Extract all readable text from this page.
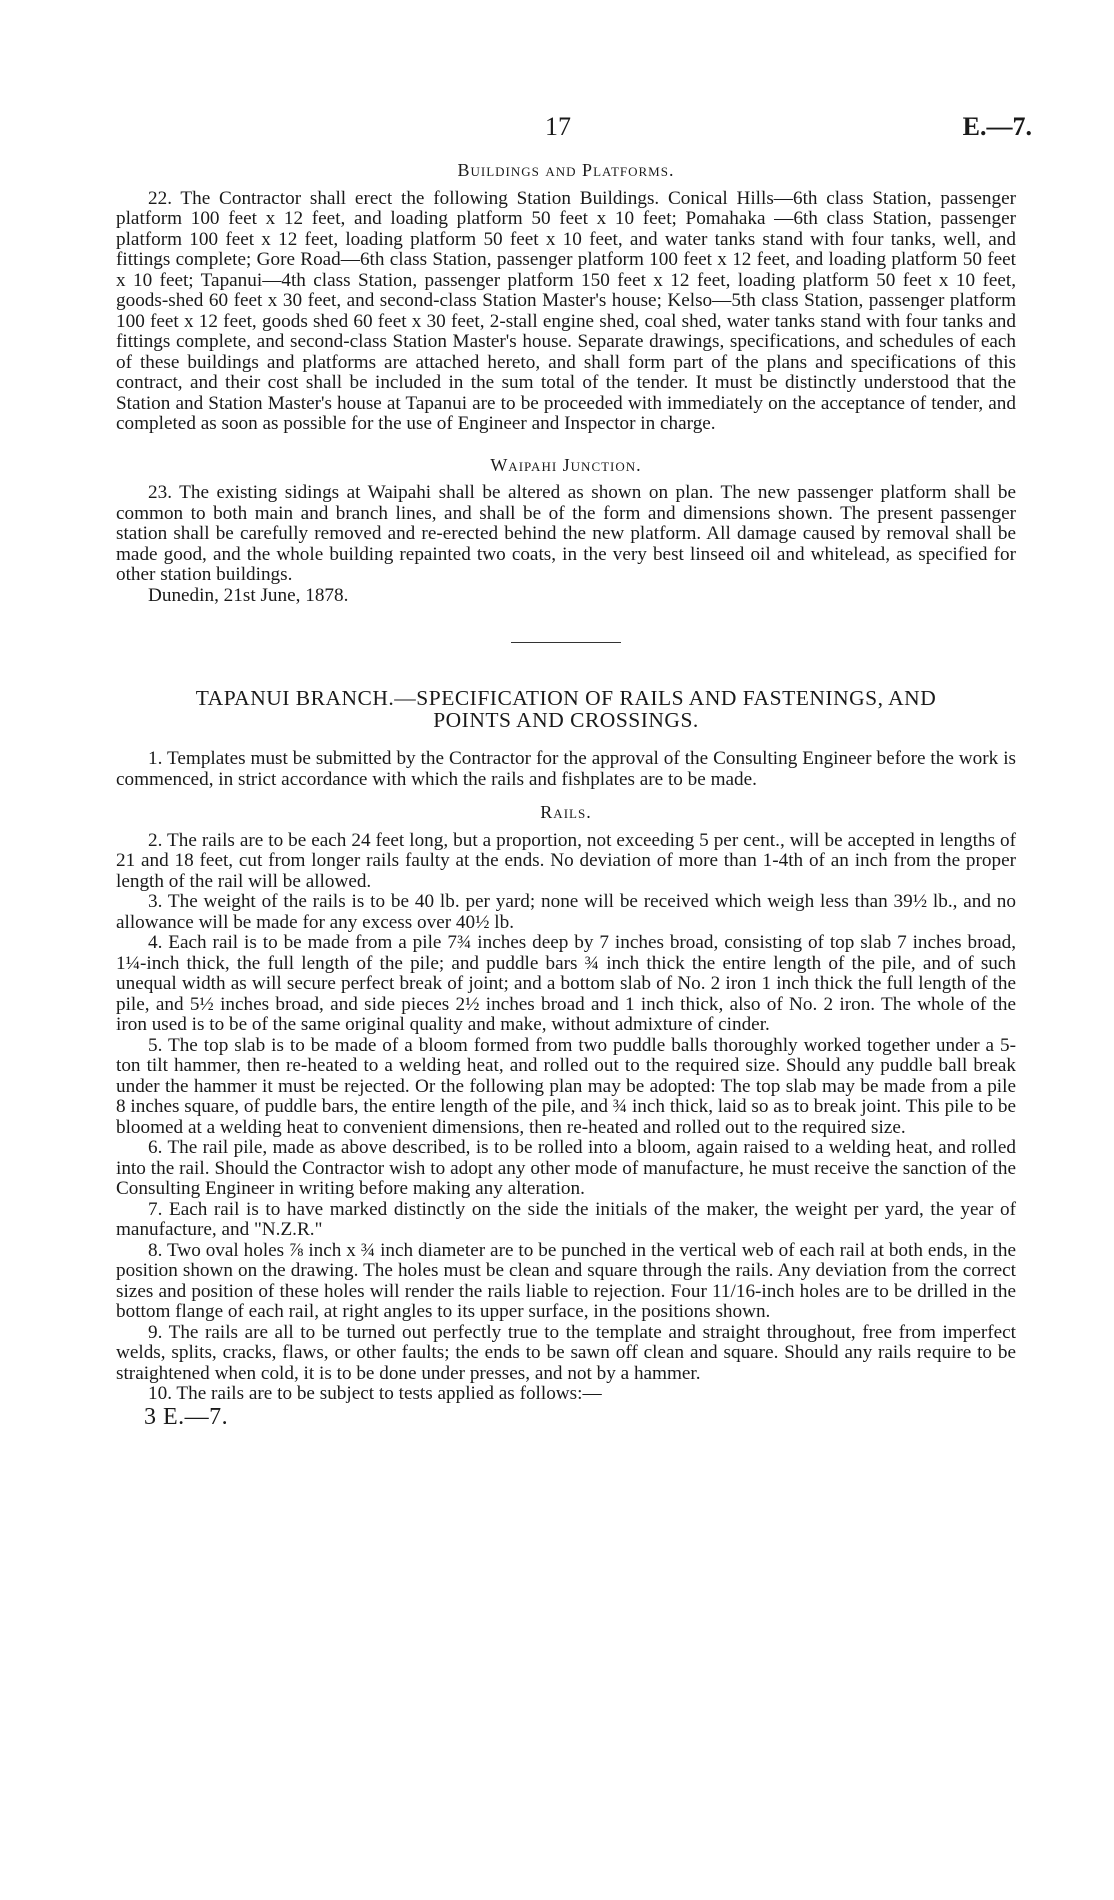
17	E.—7.
Buildings and Platforms.

22. The Contractor shall erect the following Station Buildings. Conical Hills—6th class Station, passenger platform 100 feet x 12 feet, and loading platform 50 feet x 10 feet; Pomahaka —6th class Station, passenger platform 100 feet x 12 feet, loading platform 50 feet x 10 feet, and water tanks stand with four tanks, well, and fittings complete; Gore Road—6th class Station, passenger platform 100 feet x 12 feet, and loading platform 50 feet x 10 feet; Tapanui—4th class Station, passenger platform 150 feet x 12 feet, loading platform 50 feet x 10 feet, goods-shed 60 feet x 30 feet, and second-class Station Master's house; Kelso—5th class Station, passenger platform 100 feet x 12 feet, goods shed 60 feet x 30 feet, 2-stall engine shed, coal shed, water tanks stand with four tanks and fittings complete, and second-class Station Master's house. Separate drawings, specifications, and schedules of each of these buildings and platforms are attached hereto, and shall form part of the plans and specifications of this contract, and their cost shall be included in the sum total of the tender. It must be distinctly understood that the Station and Station Master's house at Tapanui are to be proceeded with immediately on the acceptance of tender, and completed as soon as possible for the use of Engineer and Inspector in charge.

Waipahi Junction.

23. The existing sidings at Waipahi shall be altered as shown on plan. The new passenger platform shall be common to both main and branch lines, and shall be of the form and dimensions shown. The present passenger station shall be carefully removed and re-erected behind the new platform. All damage caused by removal shall be made good, and the whole building repainted two coats, in the very best linseed oil and whitelead, as specified for other station buildings.

Dunedin, 21st June, 1878.

TAPANUI BRANCH.—SPECIFICATION OF RAILS AND FASTENINGS, AND POINTS AND CROSSINGS.

1. Templates must be submitted by the Contractor for the approval of the Consulting Engineer before the work is commenced, in strict accordance with which the rails and fishplates are to be made.

Rails.

2. The rails are to be each 24 feet long, but a proportion, not exceeding 5 per cent., will be accepted in lengths of 21 and 18 feet, cut from longer rails faulty at the ends. No deviation of more than 1-4th of an inch from the proper length of the rail will be allowed.

3. The weight of the rails is to be 40 lb. per yard; none will be received which weigh less than 39½ lb., and no allowance will be made for any excess over 40½ lb.

4. Each rail is to be made from a pile 7¾ inches deep by 7 inches broad, consisting of top slab 7 inches broad, 1¼-inch thick, the full length of the pile; and puddle bars ¾ inch thick the entire length of the pile, and of such unequal width as will secure perfect break of joint; and a bottom slab of No. 2 iron 1 inch thick the full length of the pile, and 5½ inches broad, and side pieces 2½ inches broad and 1 inch thick, also of No. 2 iron. The whole of the iron used is to be of the same original quality and make, without admixture of cinder.

5. The top slab is to be made of a bloom formed from two puddle balls thoroughly worked together under a 5-ton tilt hammer, then re-heated to a welding heat, and rolled out to the required size. Should any puddle ball break under the hammer it must be rejected. Or the following plan may be adopted: The top slab may be made from a pile 8 inches square, of puddle bars, the entire length of the pile, and ¾ inch thick, laid so as to break joint. This pile to be bloomed at a welding heat to convenient dimensions, then re-heated and rolled out to the required size.

6. The rail pile, made as above described, is to be rolled into a bloom, again raised to a welding heat, and rolled into the rail. Should the Contractor wish to adopt any other mode of manufacture, he must receive the sanction of the Consulting Engineer in writing before making any alteration.

7. Each rail is to have marked distinctly on the side the initials of the maker, the weight per yard, the year of manufacture, and "N.Z.R."

8. Two oval holes ⅞ inch x ¾ inch diameter are to be punched in the vertical web of each rail at both ends, in the position shown on the drawing. The holes must be clean and square through the rails. Any deviation from the correct sizes and position of these holes will render the rails liable to rejection. Four 11/16-inch holes are to be drilled in the bottom flange of each rail, at right angles to its upper surface, in the positions shown.

9. The rails are all to be turned out perfectly true to the template and straight throughout, free from imperfect welds, splits, cracks, flaws, or other faults; the ends to be sawn off clean and square. Should any rails require to be straightened when cold, it is to be done under presses, and not by a hammer.

10. The rails are to be subject to tests applied as follows:—

3 E.—7.
